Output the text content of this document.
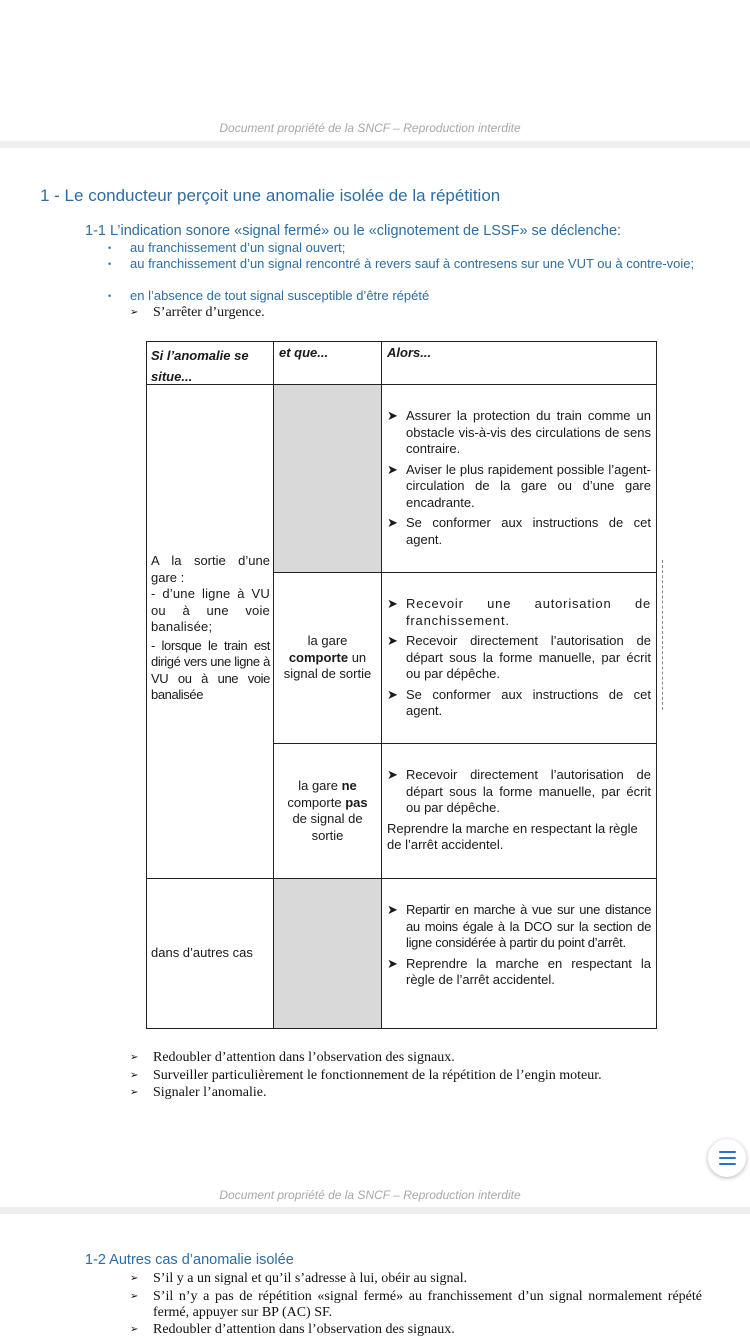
Document propriété de la SNCF – Reproduction interdite
1 - Le conducteur perçoit une anomalie isolée de la répétition
1-1 L’indication sonore «signal fermé» ou le «clignotement de LSSF» se déclenche:
• au franchissement d’un signal ouvert;
• au franchissement d’un signal rencontré à revers sauf à contresens sur une VUT ou à contre-voie;
• en l’absence de tout signal susceptible d’être répété
➢ S’arrêter d’urgence.
Si l’anomalie se situe...
et que...	Alors...
A la sortie d’une gare :
- d’une ligne à VU ou à une voie banalisée;
- lorsque le train est dirigé vers une ligne à VU ou à une voie banalisée
➤ Assurer la protection du train comme un obstacle vis-à-vis des circulations de sens contraire.
➤ Aviser le plus rapidement possible l’agent-circulation de la gare ou d’une gare encadrante.
➤ Se conformer aux instructions de cet agent.
la gare
comporte un signal de sortie
➤ Recevoir une autorisation de franchissement.
➤ Recevoir directement l’autorisation de départ sous la forme manuelle, par écrit ou par dépêche.
➤ Se conformer aux instructions de cet agent.
la gare ne
comporte pas
de signal de sortie
➤ Recevoir directement l’autorisation de départ sous la forme manuelle, par écrit ou par dépêche.
Reprendre la marche en respectant la règle de l’arrêt accidentel.
dans d’autres cas
➤ Repartir en marche à vue sur une distance au moins égale à la DCO sur la section de ligne considérée à partir du point d’arrêt.
➤ Reprendre la marche en respectant la règle de l’arrêt accidentel.
➢ Redoubler d’attention dans l’observation des signaux.
➢ Surveiller particulièrement le fonctionnement de la répétition de l’engin moteur.
➢ Signaler l’anomalie.
Document propriété de la SNCF – Reproduction interdite
1-2 Autres cas d’anomalie isolée
➢ S’il y a un signal et qu’il s’adresse à lui, obéir au signal.
➢ S’il n’y a pas de répétition «signal fermé» au franchissement d’un signal normalement répété fermé, appuyer sur BP (AC) SF.
➢ Redoubler d’attention dans l’observation des signaux.
